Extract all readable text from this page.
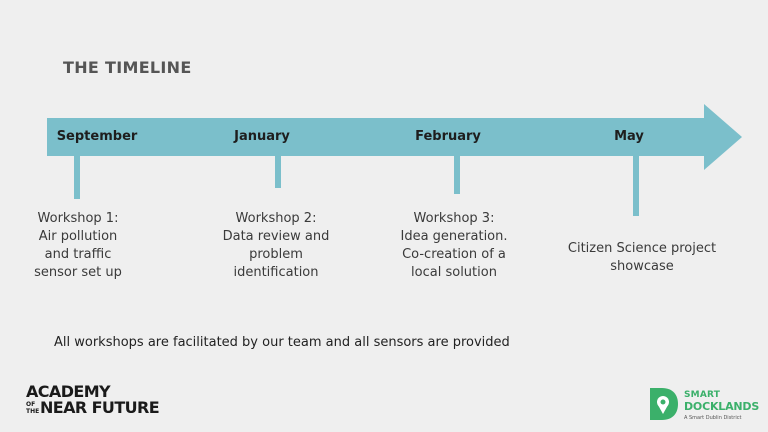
THE TIMELINE
September
Workshop 1:
Air pollution
and traffic
sensor set up
January
Workshop 2:
Data review and
problem
identification
February
Workshop 3:
Idea generation.
Co-creation of a
local solution
May
Citizen Science project
showcase
All workshops are facilitated by our team and all sensors are provided
ACADEMY
OF THE NEAR FUTURE
SMART
DOCKLANDS
A Smart Dublin District
